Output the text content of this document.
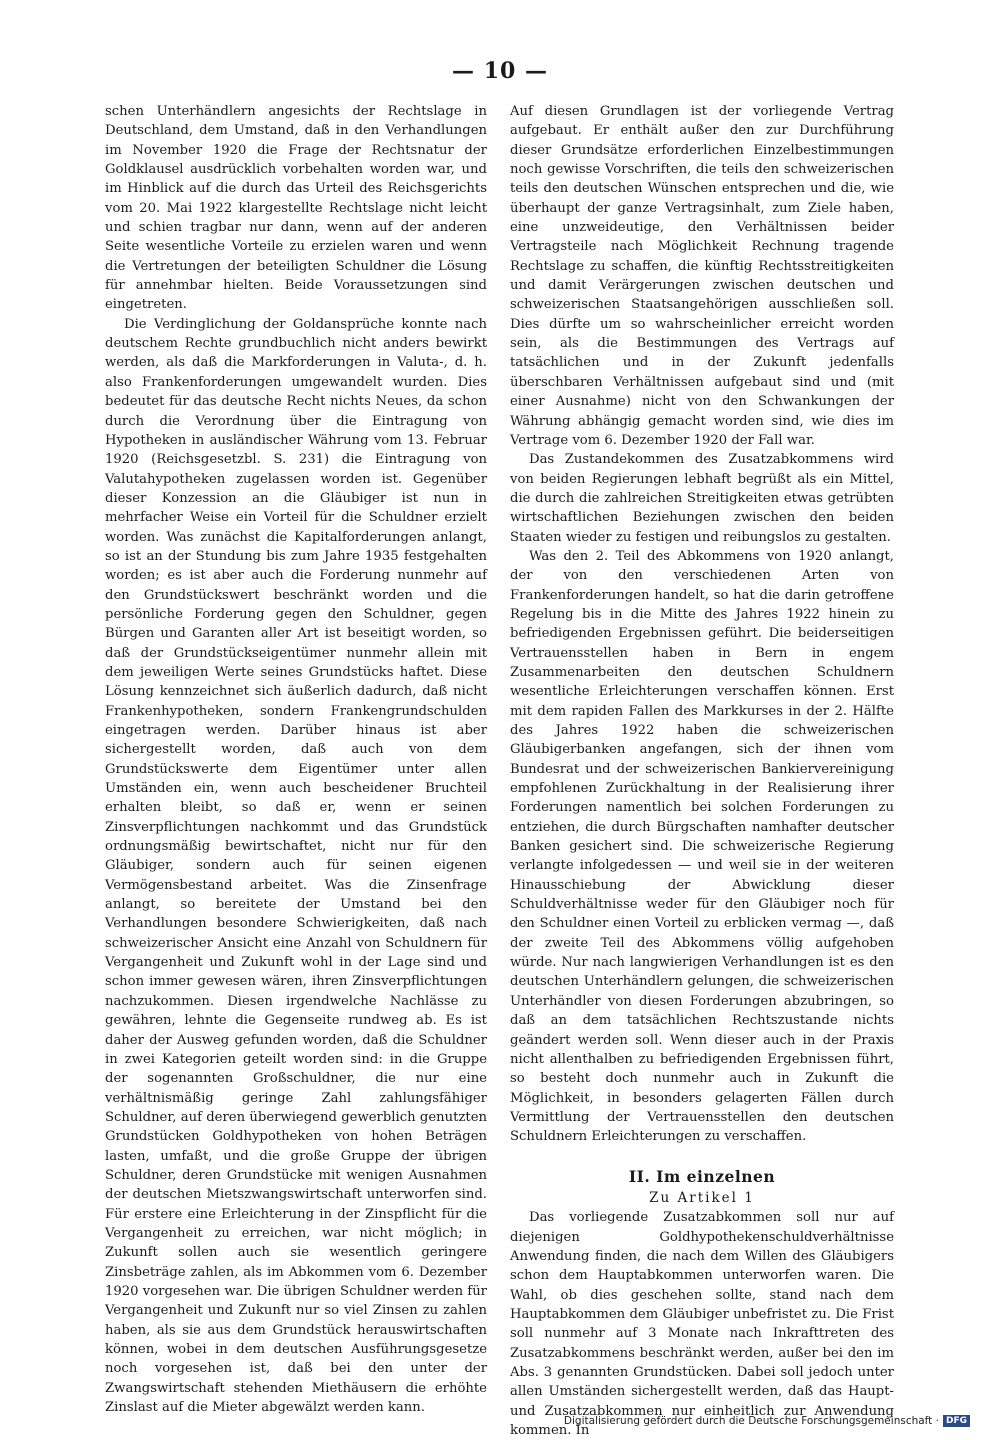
— 10 —

schen Unterhändlern angesichts der Rechtslage in Deutschland, dem Umstand, daß in den Verhandlungen im November 1920 die Frage der Rechtsnatur der Goldklausel ausdrücklich vorbehalten worden war, und im Hinblick auf die durch das Urteil des Reichsgerichts vom 20. Mai 1922 klargestellte Rechtslage nicht leicht und schien tragbar nur dann, wenn auf der anderen Seite wesentliche Vorteile zu erzielen waren und wenn die Vertretungen der beteiligten Schuldner die Lösung für annehmbar hielten. Beide Voraussetzungen sind eingetreten.

Die Verdinglichung der Goldansprüche konnte nach deutschem Rechte grundbuchlich nicht anders bewirkt werden, als daß die Markforderungen in Valuta-, d. h. also Frankenforderungen umgewandelt wurden. Dies bedeutet für das deutsche Recht nichts Neues, da schon durch die Verordnung über die Eintragung von Hypotheken in ausländischer Währung vom 13. Februar 1920 (Reichsgesetzbl. S. 231) die Eintragung von Valutahypotheken zugelassen worden ist. Gegenüber dieser Konzession an die Gläubiger ist nun in mehrfacher Weise ein Vorteil für die Schuldner erzielt worden. Was zunächst die Kapitalforderungen anlangt, so ist an der Stundung bis zum Jahre 1935 festgehalten worden; es ist aber auch die Forderung nunmehr auf den Grundstückswert beschränkt worden und die persönliche Forderung gegen den Schuldner, gegen Bürgen und Garanten aller Art ist beseitigt worden, so daß der Grundstückseigentümer nunmehr allein mit dem jeweiligen Werte seines Grundstücks haftet. Diese Lösung kennzeichnet sich äußerlich dadurch, daß nicht Frankenhypotheken, sondern Frankengrundschulden eingetragen werden. Darüber hinaus ist aber sichergestellt worden, daß auch von dem Grundstückswerte dem Eigentümer unter allen Umständen ein, wenn auch bescheidener Bruchteil erhalten bleibt, so daß er, wenn er seinen Zinsverpflichtungen nachkommt und das Grundstück ordnungsmäßig bewirtschaftet, nicht nur für den Gläubiger, sondern auch für seinen eigenen Vermögensbestand arbeitet. Was die Zinsenfrage anlangt, so bereitete der Umstand bei den Verhandlungen besondere Schwierigkeiten, daß nach schweizerischer Ansicht eine Anzahl von Schuldnern für Vergangenheit und Zukunft wohl in der Lage sind und schon immer gewesen wären, ihren Zinsverpflichtungen nachzukommen. Diesen irgendwelche Nachlässe zu gewähren, lehnte die Gegenseite rundweg ab. Es ist daher der Ausweg gefunden worden, daß die Schuldner in zwei Kategorien geteilt worden sind: in die Gruppe der sogenannten Großschuldner, die nur eine verhältnismäßig geringe Zahl zahlungsfähiger Schuldner, auf deren überwiegend gewerblich genutzten Grundstücken Goldhypotheken von hohen Beträgen lasten, umfaßt, und die große Gruppe der übrigen Schuldner, deren Grundstücke mit wenigen Ausnahmen der deutschen Mietszwangswirtschaft unterworfen sind. Für erstere eine Erleichterung in der Zinspflicht für die Vergangenheit zu erreichen, war nicht möglich; in Zukunft sollen auch sie wesentlich geringere Zinsbeträge zahlen, als im Abkommen vom 6. Dezember 1920 vorgesehen war. Die übrigen Schuldner werden für Vergangenheit und Zukunft nur so viel Zinsen zu zahlen haben, als sie aus dem Grundstück herauswirtschaften können, wobei in dem deutschen Ausführungsgesetze noch vorgesehen ist, daß bei den unter der Zwangswirtschaft stehenden Miethäusern die erhöhte Zinslast auf die Mieter abgewälzt werden kann.

Auf diesen Grundlagen ist der vorliegende Vertrag aufgebaut. Er enthält außer den zur Durchführung dieser Grundsätze erforderlichen Einzelbestimmungen noch gewisse Vorschriften, die teils den schweizerischen teils den deutschen Wünschen entsprechen und die, wie überhaupt der ganze Vertragsinhalt, zum Ziele haben, eine unzweideutige, den Verhältnissen beider Vertragsteile nach Möglichkeit Rechnung tragende Rechtslage zu schaffen, die künftig Rechtsstreitigkeiten und damit Verärgerungen zwischen deutschen und schweizerischen Staatsangehörigen ausschließen soll. Dies dürfte um so wahrscheinlicher erreicht worden sein, als die Bestimmungen des Vertrags auf tatsächlichen und in der Zukunft jedenfalls überschbaren Verhältnissen aufgebaut sind und (mit einer Ausnahme) nicht von den Schwankungen der Währung abhängig gemacht worden sind, wie dies im Vertrage vom 6. Dezember 1920 der Fall war.

Das Zustandekommen des Zusatzabkommens wird von beiden Regierungen lebhaft begrüßt als ein Mittel, die durch die zahlreichen Streitigkeiten etwas getrübten wirtschaftlichen Beziehungen zwischen den beiden Staaten wieder zu festigen und reibungslos zu gestalten.

Was den 2. Teil des Abkommens von 1920 anlangt, der von den verschiedenen Arten von Frankenforderungen handelt, so hat die darin getroffene Regelung bis in die Mitte des Jahres 1922 hinein zu befriedigenden Ergebnissen geführt. Die beiderseitigen Vertrauensstellen haben in Bern in engem Zusammenarbeiten den deutschen Schuldnern wesentliche Erleichterungen verschaffen können. Erst mit dem rapiden Fallen des Markkurses in der 2. Hälfte des Jahres 1922 haben die schweizerischen Gläubigerbanken angefangen, sich der ihnen vom Bundesrat und der schweizerischen Bankiervereinigung empfohlenen Zurückhaltung in der Realisierung ihrer Forderungen namentlich bei solchen Forderungen zu entziehen, die durch Bürgschaften namhafter deutscher Banken gesichert sind. Die schweizerische Regierung verlangte infolgedessen — und weil sie in der weiteren Hinausschiebung der Abwicklung dieser Schuldverhältnisse weder für den Gläubiger noch für den Schuldner einen Vorteil zu erblicken vermag —, daß der zweite Teil des Abkommens völlig aufgehoben würde. Nur nach langwierigen Verhandlungen ist es den deutschen Unterhändlern gelungen, die schweizerischen Unterhändler von diesen Forderungen abzubringen, so daß an dem tatsächlichen Rechtszustande nichts geändert werden soll. Wenn dieser auch in der Praxis nicht allenthalben zu befriedigenden Ergebnissen führt, so besteht doch nunmehr auch in Zukunft die Möglichkeit, in besonders gelagerten Fällen durch Vermittlung der Vertrauensstellen den deutschen Schuldnern Erleichterungen zu verschaffen.

II. Im einzelnen
Zu Artikel 1

Das vorliegende Zusatzabkommen soll nur auf diejenigen Goldhypothekenschuldverhältnisse Anwendung finden, die nach dem Willen des Gläubigers schon dem Hauptabkommen unterworfen waren. Die Wahl, ob dies geschehen sollte, stand nach dem Hauptabkommen dem Gläubiger unbefristet zu. Die Frist soll nunmehr auf 3 Monate nach Inkrafttreten des Zusatzabkommens beschränkt werden, außer bei den im Abs. 3 genannten Grundstücken. Dabei soll jedoch unter allen Umständen sichergestellt werden, daß das Haupt- und Zusatzabkommen nur einheitlich zur Anwendung kommen. In

Digitalisierung gefördert durch die Deutsche Forschungsgemeinschaft · DFG
